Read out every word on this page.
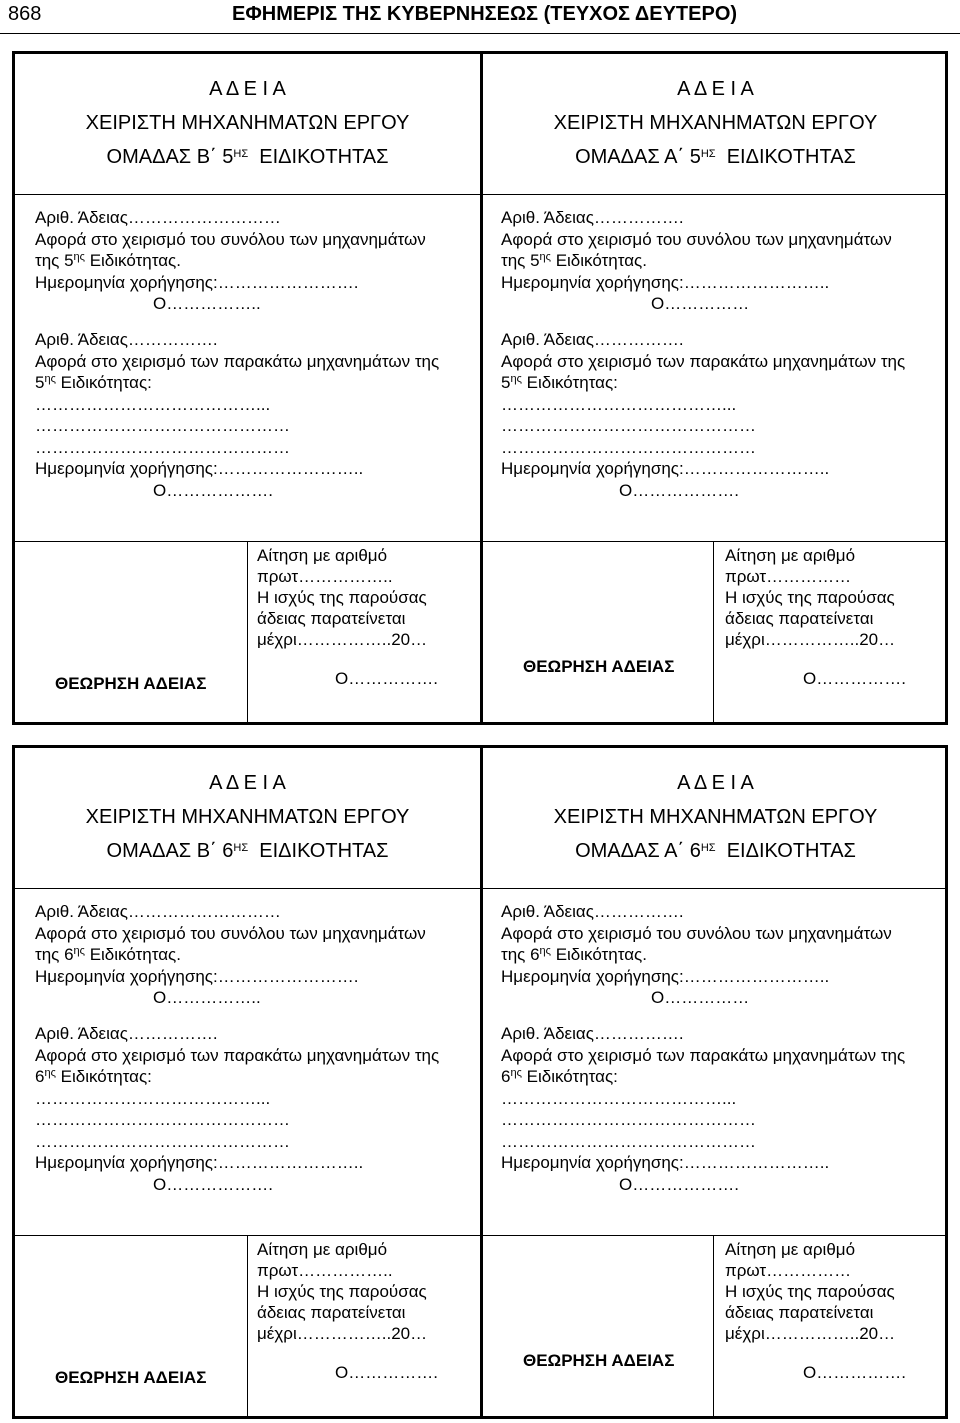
868	ΕΦΗΜΕΡΙΣ ΤΗΣ ΚΥΒΕΡΝΗΣΕΩΣ (ΤΕΥΧΟΣ ΔΕΥΤΕΡΟ)
Α Δ Ε Ι Α
ΧΕΙΡΙΣΤΗ ΜΗΧΑΝΗΜΑΤΩΝ ΕΡΓΟΥ
ΟΜΑΔΑΣ Β΄ $5^{H\Sigma}$ ΕΙΔΙΚΟΤΗΤΑΣ
Αριθ. Άδειας………………………
Αφορά στο χειρισμό του συνόλου των μηχανημάτων
της $5^{\eta\varsigma}$ Ειδικότητας.
Ημερομηνία χορήγησης:…………………….
Ο……………..
Αριθ. Άδειας…………….
Αφορά στο χειρισμό των παρακάτω μηχανημάτων της
$5^{\eta\varsigma}$ Ειδικότητας:
…………………………………...
………………………………………
………………………………………
Ημερομηνία χορήγησης:……………………..
Ο……………….
ΘΕΩΡΗΣΗ ΑΔΕΙΑΣ
Αίτηση με αριθμό
πρωτ……………..
Η ισχύς της παρούσας
άδειας παρατείνεται
μέχρι……………..20…
Ο…………….
Α Δ Ε Ι Α
ΧΕΙΡΙΣΤΗ ΜΗΧΑΝΗΜΑΤΩΝ ΕΡΓΟΥ
ΟΜΑΔΑΣ Α΄ $5^{H\Sigma}$ ΕΙΔΙΚΟΤΗΤΑΣ
Αριθ. Άδειας…………….
Αφορά στο χειρισμό του συνόλου των μηχανημάτων
της $5^{\eta\varsigma}$ Ειδικότητας.
Ημερομηνία χορήγησης:……………………..
Ο……………
Αριθ. Άδειας…………….
Αφορά στο χειρισμό των παρακάτω μηχανημάτων της
$5^{\eta\varsigma}$ Ειδικότητας:
…………………………………...
………………………………………
………………………………………
Ημερομηνία χορήγησης:……………………..
Ο……………….
ΘΕΩΡΗΣΗ ΑΔΕΙΑΣ
Αίτηση με αριθμό
πρωτ……………
Η ισχύς της παρούσας
άδειας παρατείνεται
μέχρι……………..20…
Ο…………….
Α Δ Ε Ι Α
ΧΕΙΡΙΣΤΗ ΜΗΧΑΝΗΜΑΤΩΝ ΕΡΓΟΥ
ΟΜΑΔΑΣ Β΄ $6^{H\Sigma}$ ΕΙΔΙΚΟΤΗΤΑΣ
Αριθ. Άδειας………………………
Αφορά στο χειρισμό του συνόλου των μηχανημάτων
της $6^{\eta\varsigma}$ Ειδικότητας.
Ημερομηνία χορήγησης:…………………….
Ο……………..
Αριθ. Άδειας…………….
Αφορά στο χειρισμό των παρακάτω μηχανημάτων της
$6^{\eta\varsigma}$ Ειδικότητας:
…………………………………...
………………………………………
………………………………………
Ημερομηνία χορήγησης:……………………..
Ο……………….
ΘΕΩΡΗΣΗ ΑΔΕΙΑΣ
Αίτηση με αριθμό
πρωτ……………..
Η ισχύς της παρούσας
άδειας παρατείνεται
μέχρι……………..20…
Ο…………….
Α Δ Ε Ι Α
ΧΕΙΡΙΣΤΗ ΜΗΧΑΝΗΜΑΤΩΝ ΕΡΓΟΥ
ΟΜΑΔΑΣ Α΄ $6^{H\Sigma}$ ΕΙΔΙΚΟΤΗΤΑΣ
Αριθ. Άδειας…………….
Αφορά στο χειρισμό του συνόλου των μηχανημάτων
της $6^{\eta\varsigma}$ Ειδικότητας.
Ημερομηνία χορήγησης:……………………..
Ο……………
Αριθ. Άδειας…………….
Αφορά στο χειρισμό των παρακάτω μηχανημάτων της
$6^{\eta\varsigma}$ Ειδικότητας:
…………………………………...
………………………………………
………………………………………
Ημερομηνία χορήγησης:……………………..
Ο……………….
ΘΕΩΡΗΣΗ ΑΔΕΙΑΣ
Αίτηση με αριθμό
πρωτ……………
Η ισχύς της παρούσας
άδειας παρατείνεται
μέχρι……………..20…
Ο…………….
